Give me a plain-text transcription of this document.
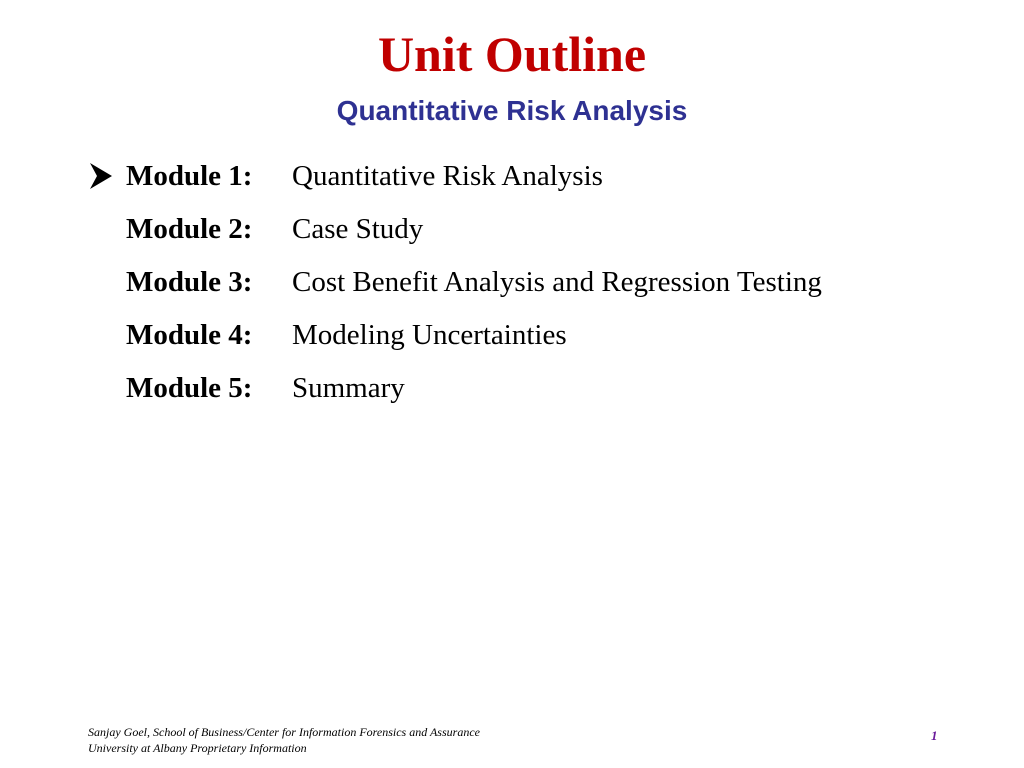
Unit Outline
Quantitative Risk Analysis
Module 1: Quantitative Risk Analysis
Module 2: Case Study
Module 3: Cost Benefit Analysis and Regression Testing
Module 4: Modeling Uncertainties
Module 5: Summary
Sanjay Goel, School of Business/Center for Information Forensics and Assurance
University at Albany Proprietary Information
1
